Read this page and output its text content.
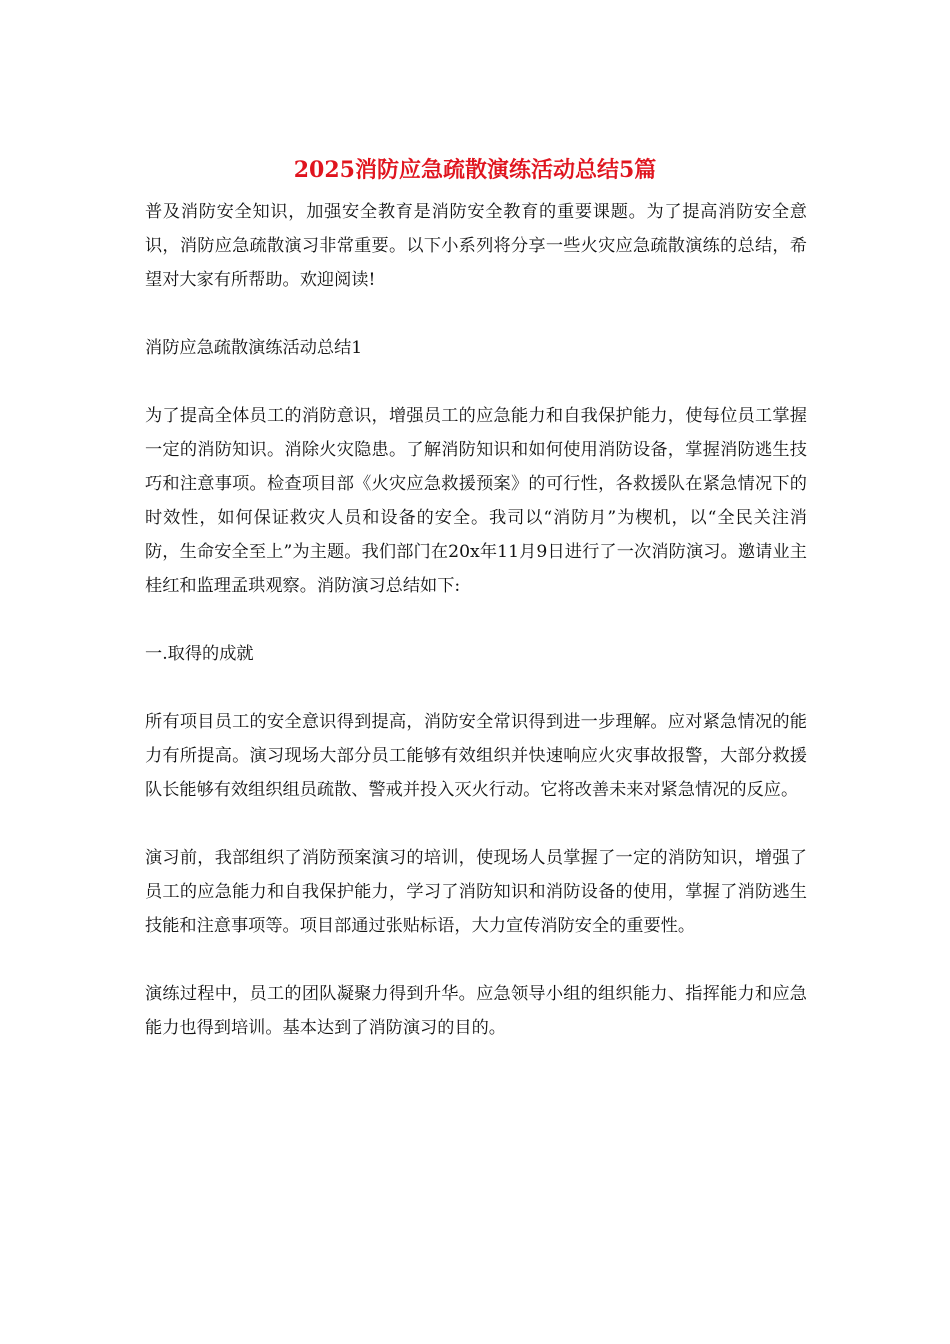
2025消防应急疏散演练活动总结5篇

普及消防安全知识，加强安全教育是消防安全教育的重要课题。为了提高消防安全意识，消防应急疏散演习非常重要。以下小系列将分享一些火灾应急疏散演练的总结，希望对大家有所帮助。欢迎阅读!

消防应急疏散演练活动总结1

为了提高全体员工的消防意识，增强员工的应急能力和自我保护能力，使每位员工掌握一定的消防知识。消除火灾隐患。了解消防知识和如何使用消防设备，掌握消防逃生技巧和注意事项。检查项目部《火灾应急救援预案》的可行性，各救援队在紧急情况下的时效性，如何保证救灾人员和设备的安全。我司以“消防月”为楔机，以“全民关注消防，生命安全至上”为主题。我们部门在20x年11月9日进行了一次消防演习。邀请业主桂红和监理孟珙观察。消防演习总结如下:

一.取得的成就

所有项目员工的安全意识得到提高，消防安全常识得到进一步理解。应对紧急情况的能力有所提高。演习现场大部分员工能够有效组织并快速响应火灾事故报警，大部分救援队长能够有效组织组员疏散、警戒并投入灭火行动。它将改善未来对紧急情况的反应。

演习前，我部组织了消防预案演习的培训，使现场人员掌握了一定的消防知识，增强了员工的应急能力和自我保护能力，学习了消防知识和消防设备的使用，掌握了消防逃生技能和注意事项等。项目部通过张贴标语，大力宣传消防安全的重要性。

演练过程中，员工的团队凝聚力得到升华。应急领导小组的组织能力、指挥能力和应急能力也得到培训。基本达到了消防演习的目的。
